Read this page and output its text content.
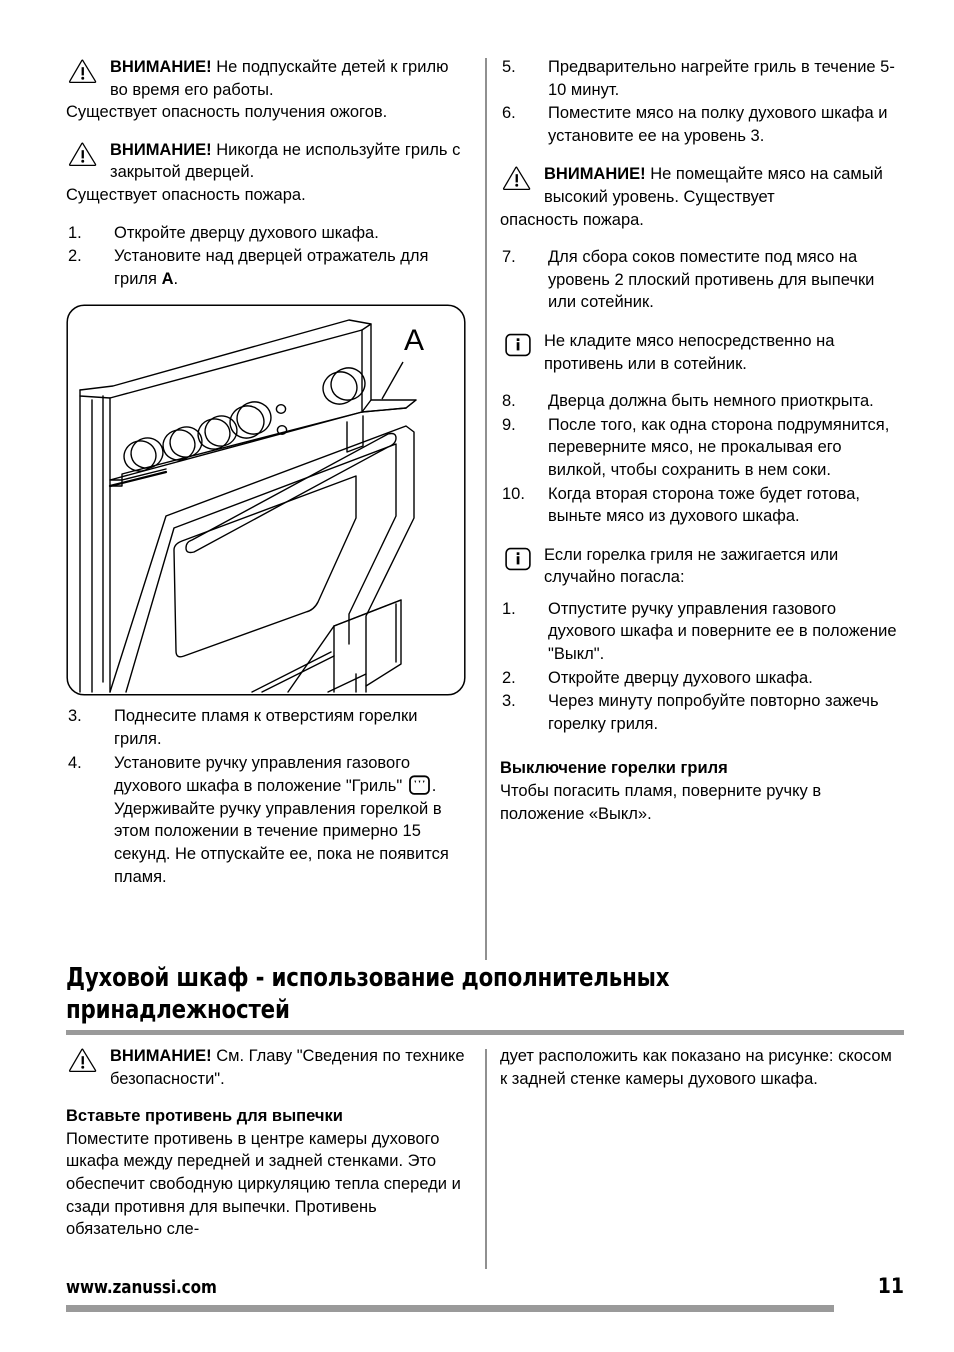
ВНИМАНИЕ! Не подпускайте детей к грилю во время его работы.
Существует опасность получения ожогов.
ВНИМАНИЕ! Никогда не используйте гриль с закрытой дверцей.
Существует опасность пожара.
1.	Откройте дверцу духового шкафа.
2.	Установите над дверцей отражатель для гриля A.
A
3.	Поднесите пламя к отверстиям горелки гриля.
4.	Установите ручку управления газового духового шкафа в положение "Гриль" . Удерживайте ручку управления горелкой в этом положении в течение примерно 15 секунд. Не отпускайте ее, пока не появится пламя.
5.	Предварительно нагрейте гриль в течение 5-10 минут.
6.	Поместите мясо на полку духового шкафа и установите ее на уровень 3.
ВНИМАНИЕ! Не помещайте мясо на самый высокий уровень. Существует
опасность пожара.
7.	Для сбора соков поместите под мясо на уровень 2 плоский противень для выпечки или сотейник.
Не кладите мясо непосредственно на противень или в сотейник.
8.	Дверца должна быть немного приоткрыта.
9.	После того, как одна сторона подрумянится, переверните мясо, не прокалывая его вилкой, чтобы сохранить в нем соки.
10.	Когда вторая сторона тоже будет готова, выньте мясо из духового шкафа.
Если горелка гриля не зажигается или случайно погасла:
1.	Отпустите ручку управления газового духового шкафа и поверните ее в положение "Выкл".
2.	Откройте дверцу духового шкафа.
3.	Через минуту попробуйте повторно зажечь горелку гриля.
Выключение горелки гриля

Чтобы погасить пламя, поверните ручку в положение «Выкл».

Духовой шкаф - использование дополнительных принадлежностей
ВНИМАНИЕ! См. Главу "Сведения по технике безопасности".
Вставьте противень для выпечки

Поместите противень в центре камеры духового шкафа между передней и задней стенками. Это обеспечит свободную циркуляцию тепла спереди и сзади противня для выпечки. Противень обязательно сле-

дует расположить как показано на рисунке: скосом к задней стенке камеры духового шкафа.

www.zanussi.com	11
